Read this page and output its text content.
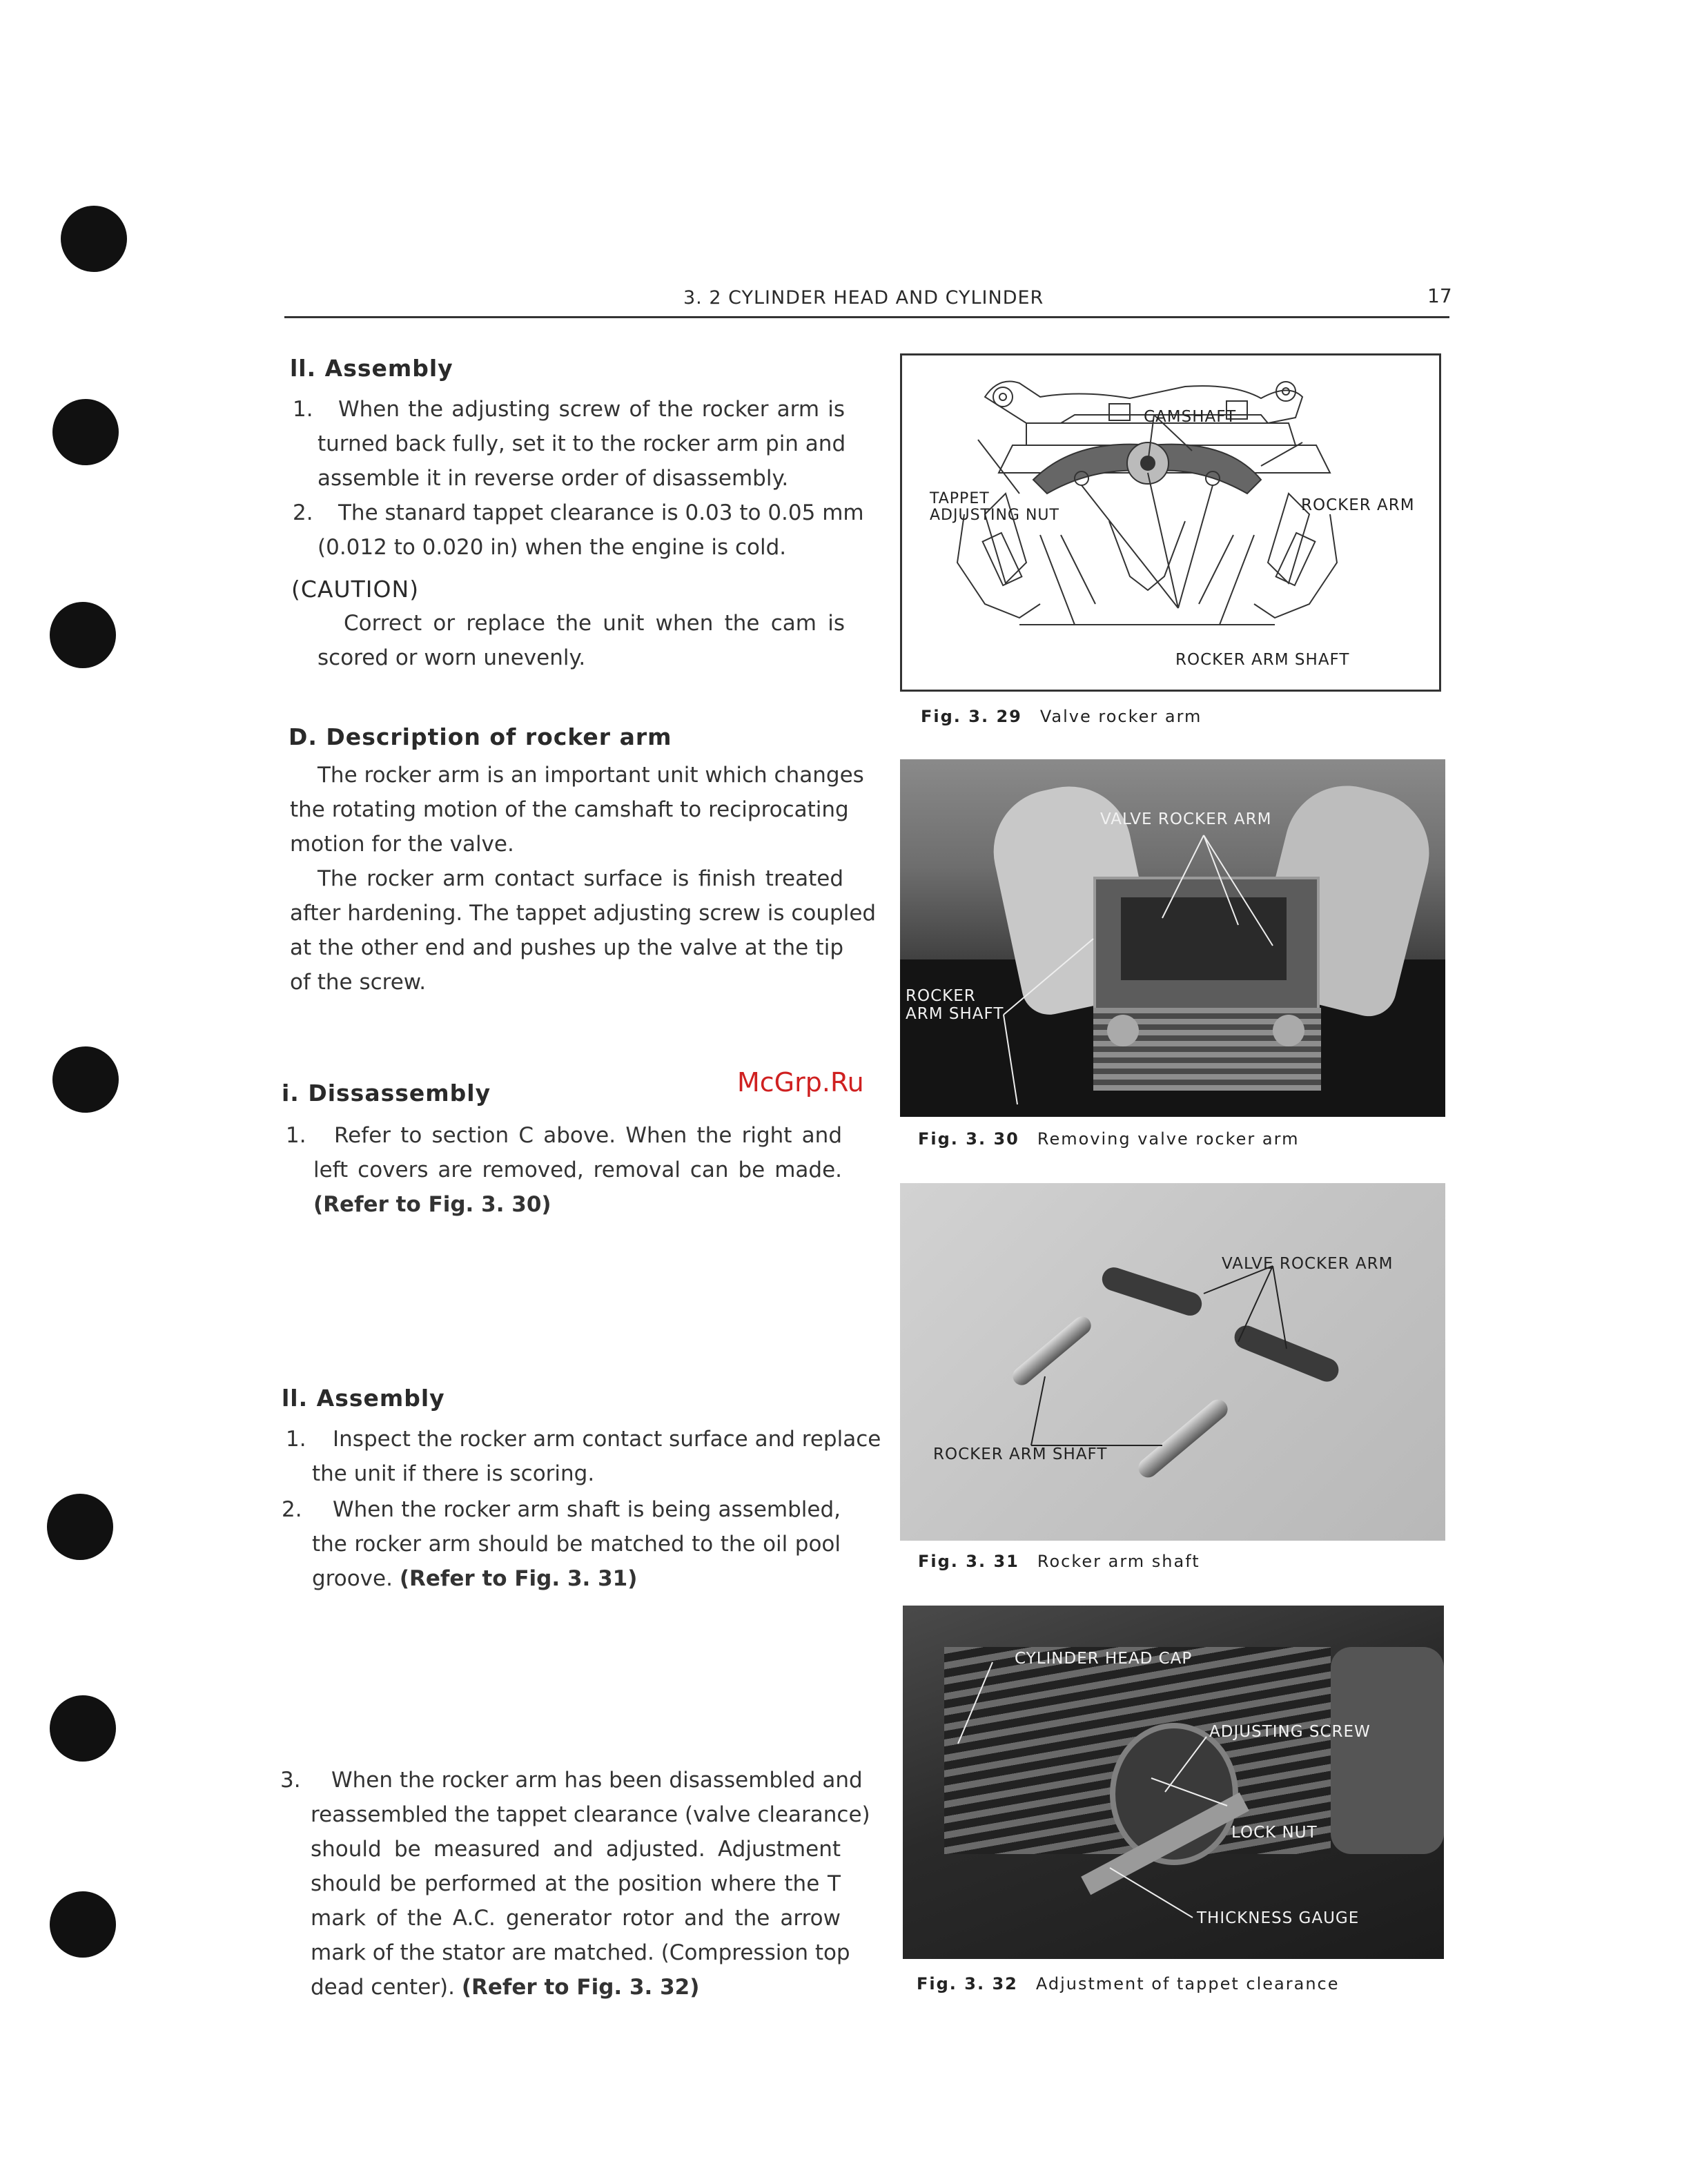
3. 2 CYLINDER HEAD AND CYLINDER	17
ll. Assembly
1. When the adjusting screw of the rocker arm is
turned back fully, set it to the rocker arm pin and
assemble it in reverse order of disassembly.
2. The stanard tappet clearance is 0.03 to 0.05 mm
(0.012 to 0.020 in) when the engine is cold.
(CAUTION)
Correct or replace the unit when the cam is
scored or worn unevenly.
D. Description of rocker arm
The rocker arm is an important unit which changes
the rotating motion of the camshaft to reciprocating
motion for the valve.
The rocker arm contact surface is finish treated
after hardening. The tappet adjusting screw is coupled
at the other end and pushes up the valve at the tip
of the screw.
i. Dissassembly
1. Refer to section C above. When the right and
left covers are removed, removal can be made.
(Refer to Fig. 3. 30)
ll. Assembly
1. Inspect the rocker arm contact surface and replace
the unit if there is scoring.
2. When the rocker arm shaft is being assembled,
the rocker arm should be matched to the oil pool
groove. (Refer to Fig. 3. 31)
3. When the rocker arm has been disassembled and
reassembled the tappet clearance (valve clearance)
should be measured and adjusted. Adjustment
should be performed at the position where the T
mark of the A.C. generator rotor and the arrow
mark of the stator are matched. (Compression top
dead center). (Refer to Fig. 3. 32)
CAMSHAFT
TAPPET
ADJUSTING NUT
ROCKER ARM
ROCKER ARM SHAFT
Fig. 3. 29 Valve rocker arm
VALVE ROCKER ARM
ROCKER
ARM SHAFT
Fig. 3. 30 Removing valve rocker arm
VALVE ROCKER ARM
ROCKER ARM SHAFT
Fig. 3. 31 Rocker arm shaft
CYLINDER HEAD CAP
ADJUSTING SCREW
LOCK NUT
THICKNESS GAUGE
Fig. 3. 32 Adjustment of tappet clearance
McGrp.Ru
